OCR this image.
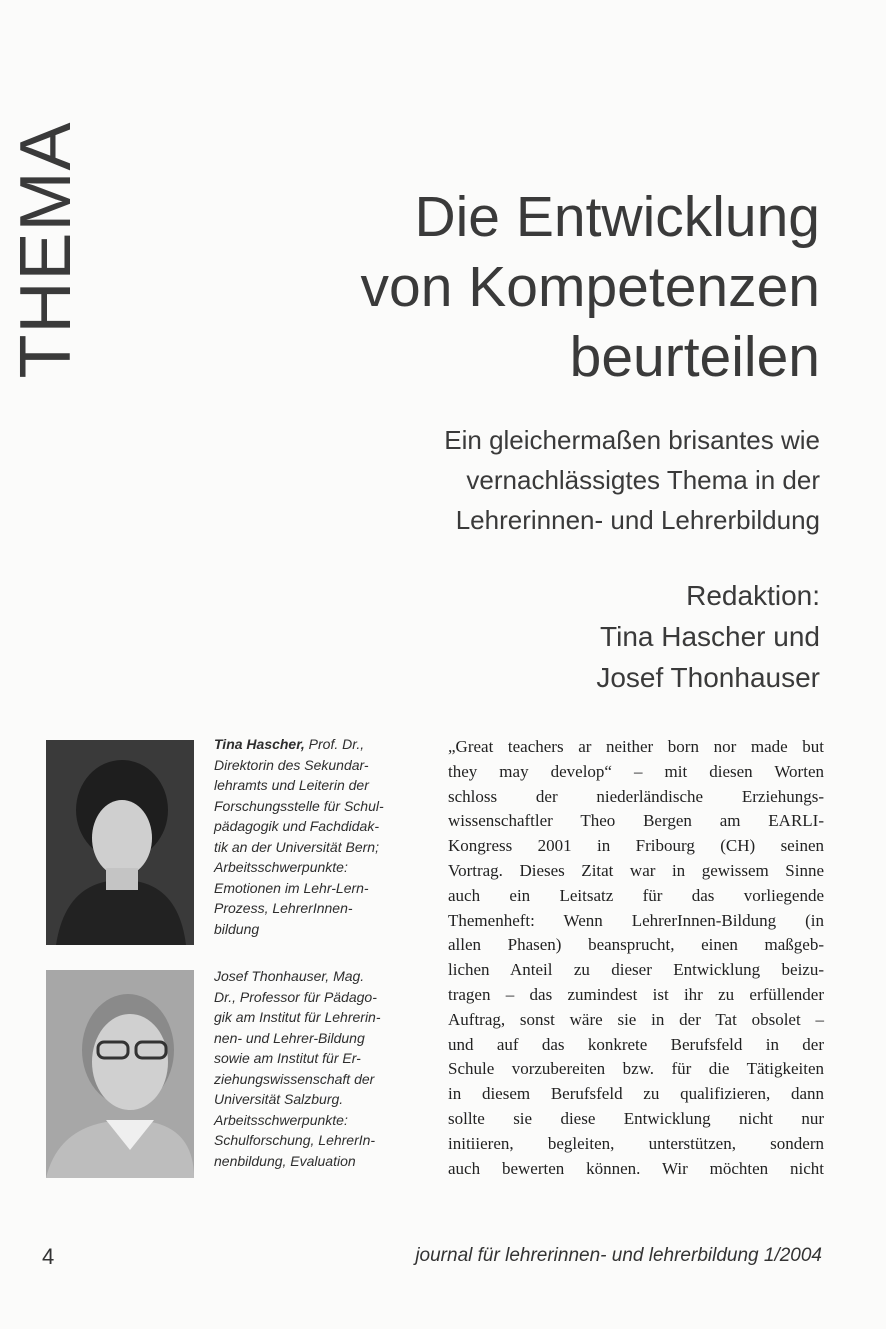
THEMA	Die Entwicklung
von Kompetenzen
beurteilen
Ein gleichermaßen brisantes wie
vernachlässigtes Thema in der
Lehrerinnen- und Lehrerbildung
Redaktion:
Tina Hascher und
Josef Thonhauser
Tina Hascher, Prof. Dr.,
Direktorin des Sekundar-
lehramts und Leiterin der
Forschungsstelle für Schul-
pädagogik und Fachdidak-
tik an der Universität Bern;
Arbeitsschwerpunkte:
Emotionen im Lehr-Lern-
Prozess, LehrerInnen-
bildung
Josef Thonhauser, Mag.
Dr., Professor für Pädago-
gik am Institut für Lehrerin-
nen- und Lehrer-Bildung
sowie am Institut für Er-
ziehungswissenschaft der
Universität Salzburg.
Arbeitsschwerpunkte:
Schulforschung, LehrerIn-
nenbildung, Evaluation
„Great teachers ar neither born nor made but
they may develop“ – mit diesen Worten
schloss der niederländische Erziehungs-
wissenschaftler Theo Bergen am EARLI-
Kongress 2001 in Fribourg (CH) seinen
Vortrag. Dieses Zitat war in gewissem Sinne
auch ein Leitsatz für das vorliegende
Themenheft: Wenn LehrerInnen-Bildung (in
allen Phasen) beansprucht, einen maßgeb-
lichen Anteil zu dieser Entwicklung beizu-
tragen – das zumindest ist ihr zu erfüllender
Auftrag, sonst wäre sie in der Tat obsolet –
und auf das konkrete Berufsfeld in der
Schule vorzubereiten bzw. für die Tätigkeiten
in diesem Berufsfeld zu qualifizieren, dann
sollte sie diese Entwicklung nicht nur
initiieren, begleiten, unterstützen, sondern
auch bewerten können. Wir möchten nicht
4	journal für lehrerinnen- und lehrerbildung 1/2004
